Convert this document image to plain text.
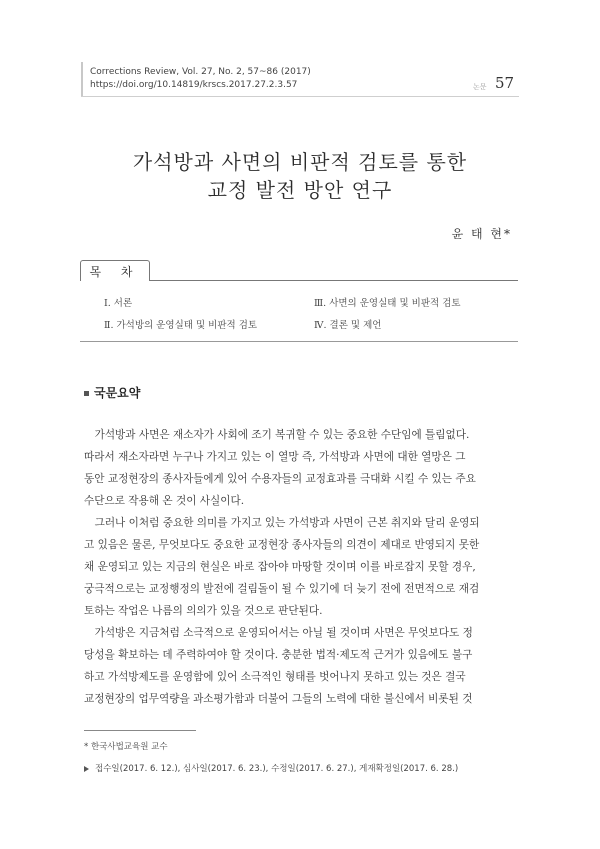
Corrections Review, Vol. 27, No. 2, 57~86 (2017)
https://doi.org/10.14819/krscs.2017.27.2.3.57	논문 57
가석방과 사면의 비판적 검토를 통한
교정 발전 방안 연구
윤 태 현*
목 차
Ⅰ. 서론
Ⅱ. 가석방의 운영실태 및 비판적 검토
Ⅲ. 사면의 운영실태 및 비판적 검토
Ⅳ. 결론 및 제언
국문요약
　가석방과 사면은 재소자가 사회에 조기 복귀할 수 있는 중요한 수단임에 틀림없다.
따라서 재소자라면 누구나 가지고 있는 이 열망 즉, 가석방과 사면에 대한 열망은 그
동안 교정현장의 종사자들에게 있어 수용자들의 교정효과를 극대화 시킬 수 있는 주요
수단으로 작용해 온 것이 사실이다.
　그러나 이처럼 중요한 의미를 가지고 있는 가석방과 사면이 근본 취지와 달리 운영되
고 있음은 물론, 무엇보다도 중요한 교정현장 종사자들의 의견이 제대로 반영되지 못한
채 운영되고 있는 지금의 현실은 바로 잡아야 마땅할 것이며 이를 바로잡지 못할 경우,
궁극적으로는 교정행정의 발전에 걸림돌이 될 수 있기에 더 늦기 전에 전면적으로 재검
토하는 작업은 나름의 의의가 있을 것으로 판단된다.
　가석방은 지금처럼 소극적으로 운영되어서는 아닐 될 것이며 사면은 무엇보다도 정
당성을 확보하는 데 주력하여야 할 것이다. 충분한 법적·제도적 근거가 있음에도 불구
하고 가석방제도를 운영함에 있어 소극적인 형태를 벗어나지 못하고 있는 것은 결국
교정현장의 업무역량을 과소평가함과 더불어 그들의 노력에 대한 불신에서 비롯된 것
* 한국사법교육원 교수
접수일(2017. 6. 12.), 심사일(2017. 6. 23.), 수정일(2017. 6. 27.), 게재확정일(2017. 6. 28.)
